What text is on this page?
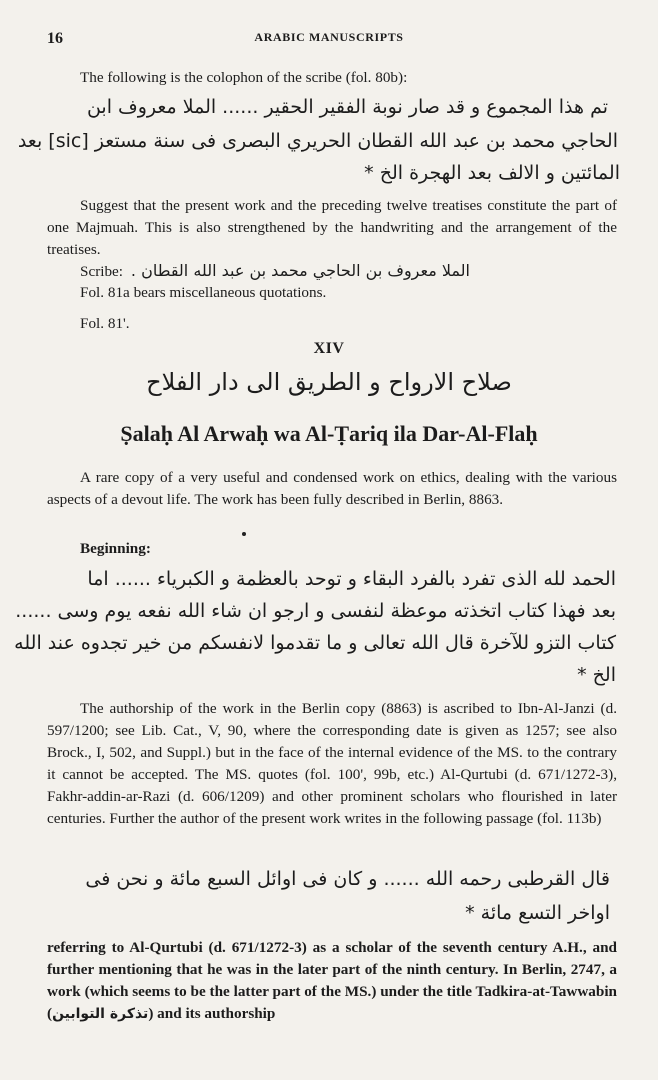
16	ARABIC MANUSCRIPTS
The following is the colophon of the scribe (fol. 80b):
تم هذا المجموع و قد صار نوبة الفقير الحقير ...... الملا معروف ابن
الحاجي محمد بن عبد الله القطان الحريري البصرى فى سنة مستعز [sic] بعد
المائتين و الالف بعد الهجرة الخ *
Suggest that the present work and the preceding twelve treatises constitute the part of one Majmuah. This is also strengthened by the handwriting and the arrangement of the treatises.
Scribe: الملا معروف بن الحاجي محمد بن عبد الله القطان .
Fol. 81a bears miscellaneous quotations.
Fol. 81'.
XIV
صلاح الارواح و الطريق الى دار الفلاح
Ṣalaḥ Al Arwaḥ wa Al-Ṭariq ila Dar-Al-Flaḥ
A rare copy of a very useful and condensed work on ethics, dealing with the various aspects of a devout life. The work has been fully described in Berlin, 8863.
Beginning:
الحمد لله الذى تفرد بالفرد البقاء و توحد بالعظمة و الكبرياء ...... اما
بعد فهذا كتاب اتخذته موعظة لنفسى و ارجو ان شاء الله نفعه يوم وسى ......
كتاب التزو للآخرة قال الله تعالى و ما تقدموا لانفسكم من خير تجدوه عند الله
الخ *
The authorship of the work in the Berlin copy (8863) is ascribed to Ibn-Al-Janzi (d. 597/1200; see Lib. Cat., V, 90, where the corresponding date is given as 1257; see also Brock., I, 502, and Suppl.) but in the face of the internal evidence of the MS. to the contrary it cannot be accepted. The MS. quotes (fol. 100', 99b, etc.) Al-Qurtubi (d. 671/1272-3), Fakhr-addin-ar-Razi (d. 606/1209) and other prominent scholars who flourished in later centuries. Further the author of the present work writes in the following passage (fol. 113b)
قال القرطبى رحمه الله ...... و كان فى اوائل السبع مائة و نحن فى
اواخر التسع مائة *
referring to Al-Qurtubi (d. 671/1272-3) as a scholar of the seventh century A.H., and further mentioning that he was in the later part of the ninth century. In Berlin, 2747, a work (which seems to be the latter part of the MS.) under the title Tadkira-at-Tawwabin (تذكرة التوابين) and its authorship
